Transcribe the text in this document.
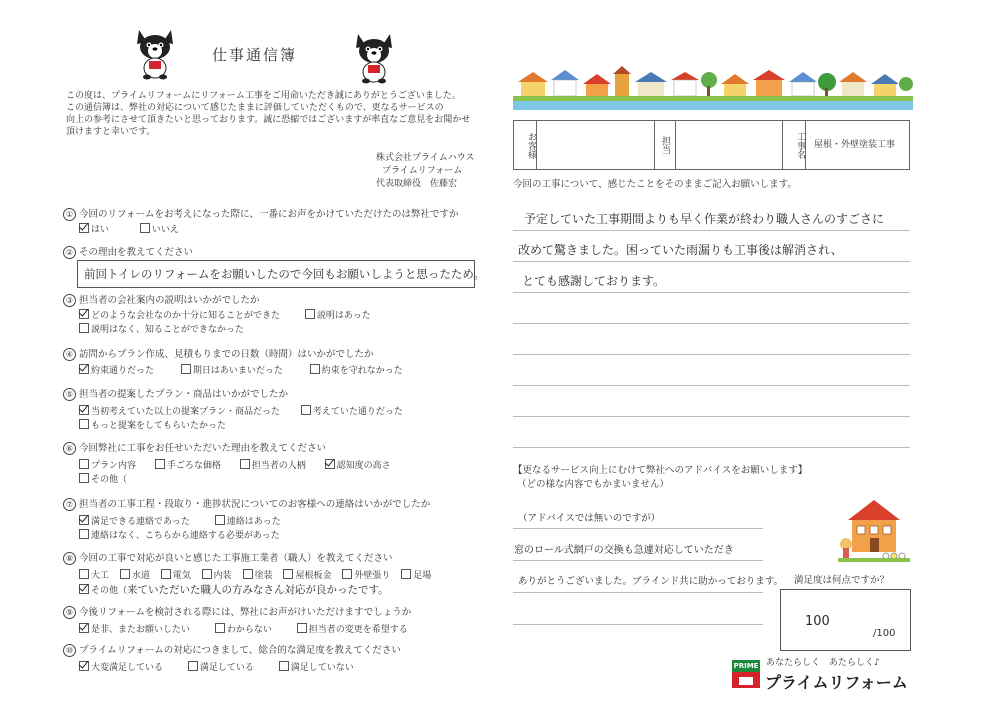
仕事通信簿
この度は、プライムリフォームにリフォーム工事をご用命いただき誠にありがとうございました。
この通信簿は、弊社の対応について感じたままに評価していただくもので、更なるサービスの
向上の参考にさせて頂きたいと思っております。誠に恐縮ではございますが率直なご意見をお聞かせ
頂けますと幸いです。
株式会社プライムハウス
プライムリフォーム
代表取締役　佐藤宏
① 今回のリフォームをお考えになった際に、一番にお声をかけていただけたのは弊社ですか
はい	いいえ
② その理由を教えてください
前回トイレのリフォームをお願いしたので今回もお願いしようと思ったため。
③ 担当者の会社案内の説明はいかがでしたか
どのような会社なのか十分に知ることができた	説明はあった
説明はなく、知ることができなかった
④ 訪問からプラン作成、見積もりまでの日数（時間）はいかがでしたか
約束通りだった	期日はあいまいだった	約束を守れなかった
⑤ 担当者の提案したプラン・商品はいかがでしたか
当初考えていた以上の提案プラン・商品だった	考えていた通りだった
もっと提案をしてもらいたかった
⑥ 今回弊社に工事をお任せいただいた理由を教えてください
プラン内容	手ごろな価格	担当者の人柄	認知度の高さ
その他（
⑦ 担当者の工事工程・段取り・進捗状況についてのお客様への連絡はいかがでしたか
満足できる連絡であった	連絡はあった
連絡はなく、こちらから連絡する必要があった
⑧ 今回の工事で対応が良いと感じた工事施工業者（職人）を教えてください
大工	水道	電気	内装	塗装	屋根板金	外壁張り	足場
その他（来ていただいた職人の方みなさん対応が良かったです。
⑨ 今後リフォームを検討される際には、弊社にお声がけいただけますでしょうか
是非、またお願いしたい	わからない	担当者の変更を希望する
⑩ プライムリフォームの対応につきまして、総合的な満足度を教えてください
大変満足している	満足している	満足していない
お客様	担当	工事名 屋根・外壁塗装工事
今回の工事について、感じたことをそのままご記入お願いします。
予定していた工事期間よりも早く作業が終わり職人さんのすごさに
改めて驚きました。困っていた雨漏りも工事後は解消され、
とても感謝しております。
【更なるサービス向上にむけて弊社へのアドバイスをお願いします】
（どの様な内容でもかまいません）
（アドバイスでは無いのですが）
窓のロール式網戸の交換も急遽対応していただき
ありがとうございました。ブラインド共に助かっております。 満足度は何点ですか？
100
/100
PRIME あなたらしく　あたらしく♪
プライムリフォーム
